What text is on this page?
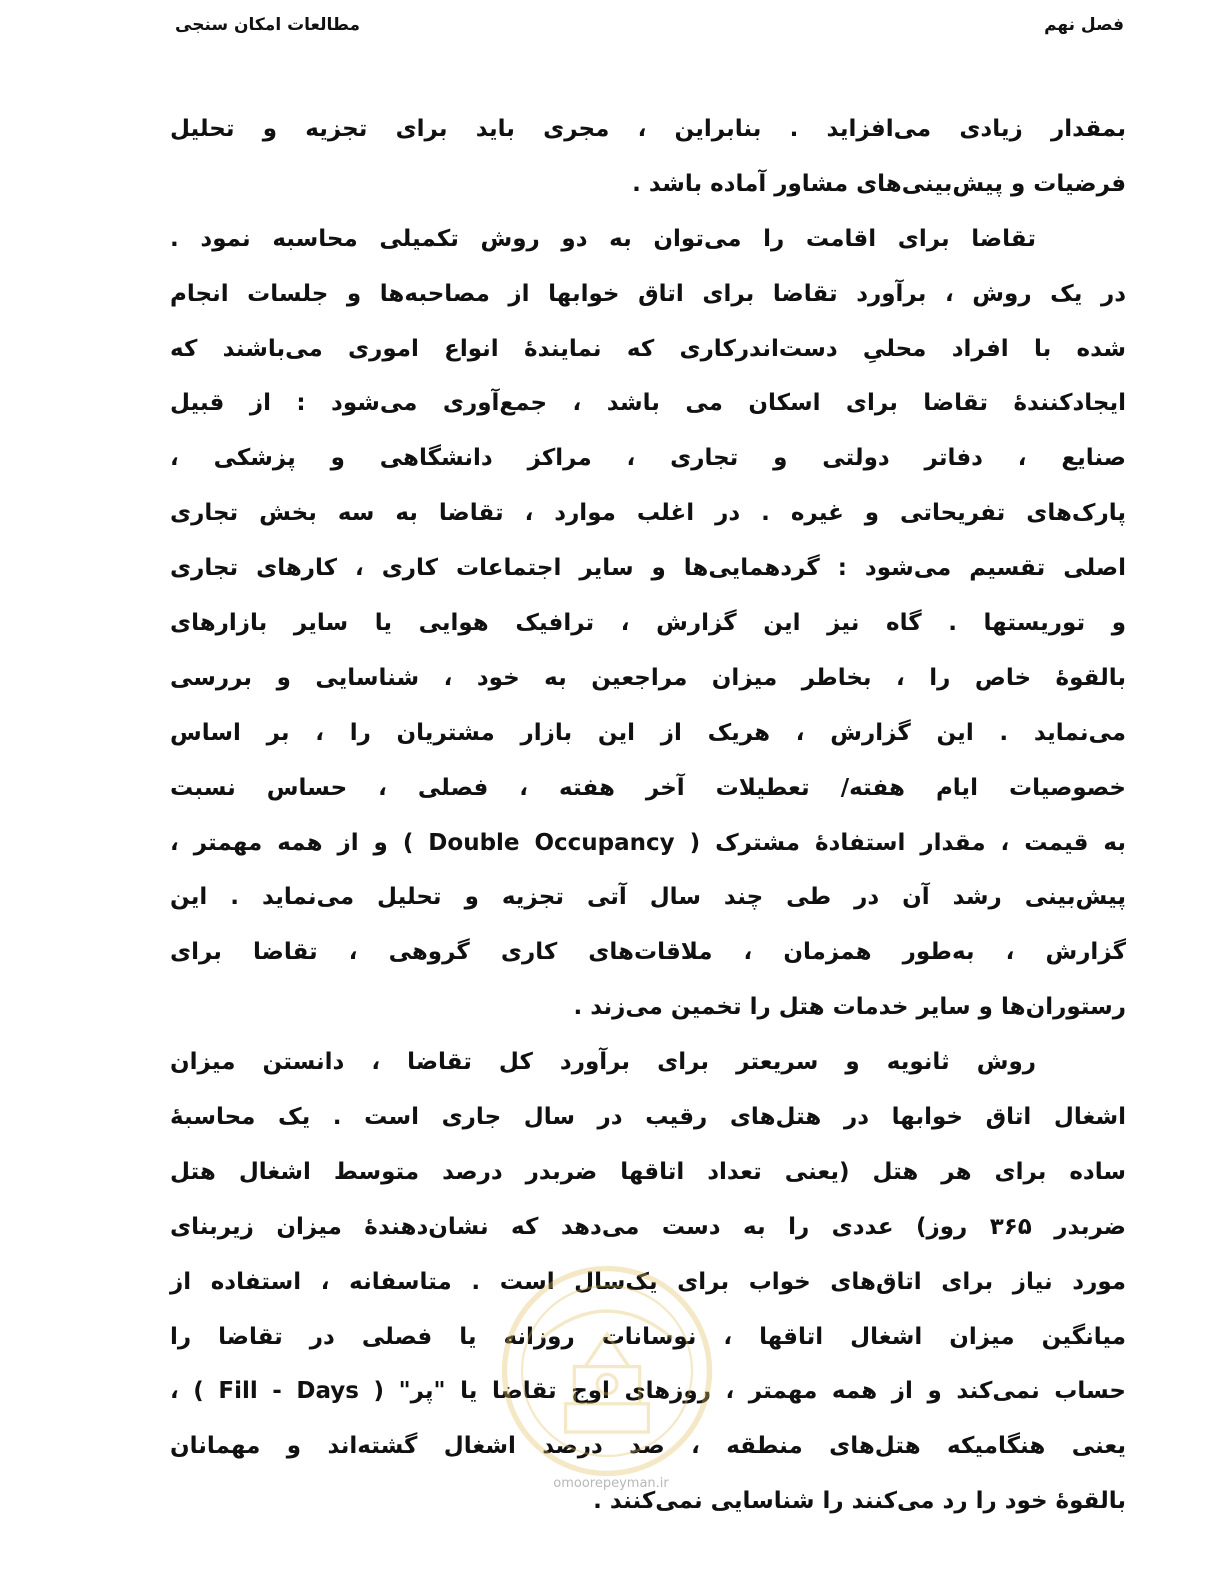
مطالعات امکان سنجی	فصل نهم
بمقدار زیادی می‌افزاید . بنابراین ، مجری باید برای تجزیه و تحلیل
فرضیات و پیش‌بینی‌های مشاور آماده باشد .
تقاضا برای اقامت را می‌توان به دو روش تکمیلی محاسبه نمود .
در یک روش ، برآورد تقاضا برای اتاق خوابها از مصاحبه‌ها و جلسات انجام
شده با افراد محلیِ دست‌اندرکاری که نمایندهٔ انواع اموری می‌باشند که
ایجادکنندهٔ تقاضا برای اسکان می باشد ، جمع‌آوری می‌شود : از قبیل
صنایع ، دفاتر دولتی و تجاری ، مراکز دانشگاهی و پزشکی ،
پارک‌های تفریحاتی و غیره . در اغلب موارد ، تقاضا به سه بخش تجاری
اصلی تقسیم می‌شود : گردهمایی‌ها و سایر اجتماعات کاری ، کارهای تجاری
و توریستها . گاه نیز این گزارش ، ترافیک هوایی یا سایر بازارهای
بالقوهٔ خاص را ، بخاطر میزان مراجعین به خود ، شناسایی و بررسی
می‌نماید . این گزارش ، هریک از این بازار مشتریان را ، بر اساس
خصوصیات ایام هفته/ تعطیلات آخر هفته ، فصلی ، حساس نسبت
به قیمت ، مقدار استفادهٔ مشترک ( Double Occupancy ) و از همه مهمتر ،
پیش‌بینی رشد آن در طی چند سال آتی تجزیه و تحلیل می‌نماید . این
گزارش ، به‌طور همزمان ، ملاقات‌های کاری گروهی ، تقاضا برای
رستوران‌ها و سایر خدمات هتل را تخمین می‌زند .
روش ثانویه و سریعتر برای برآورد کل تقاضا ، دانستن میزان
اشغال اتاق خوابها در هتل‌های رقیب در سال جاری است . یک محاسبهٔ
ساده برای هر هتل (یعنی تعداد اتاقها ضربدر درصد متوسط اشغال هتل
ضربدر ۳۶۵ روز) عددی را به دست می‌دهد که نشان‌دهندهٔ میزان زیربنای
مورد نیاز برای اتاق‌های خواب برای یک‌سال است . متاسفانه ، استفاده از
میانگین میزان اشغال اتاقها ، نوسانات روزانه یا فصلی در تقاضا را
حساب نمی‌کند و از همه مهمتر ، روزهای اوج تقاضا یا "پر" ( Fill - Days ) ،
یعنی هنگامیکه هتل‌های منطقه ، صد درصد اشغال گشته‌اند و مهمانان
بالقوهٔ خود را رد می‌کنند را شناسایی نمی‌کنند .
omoorepeyman.ir
